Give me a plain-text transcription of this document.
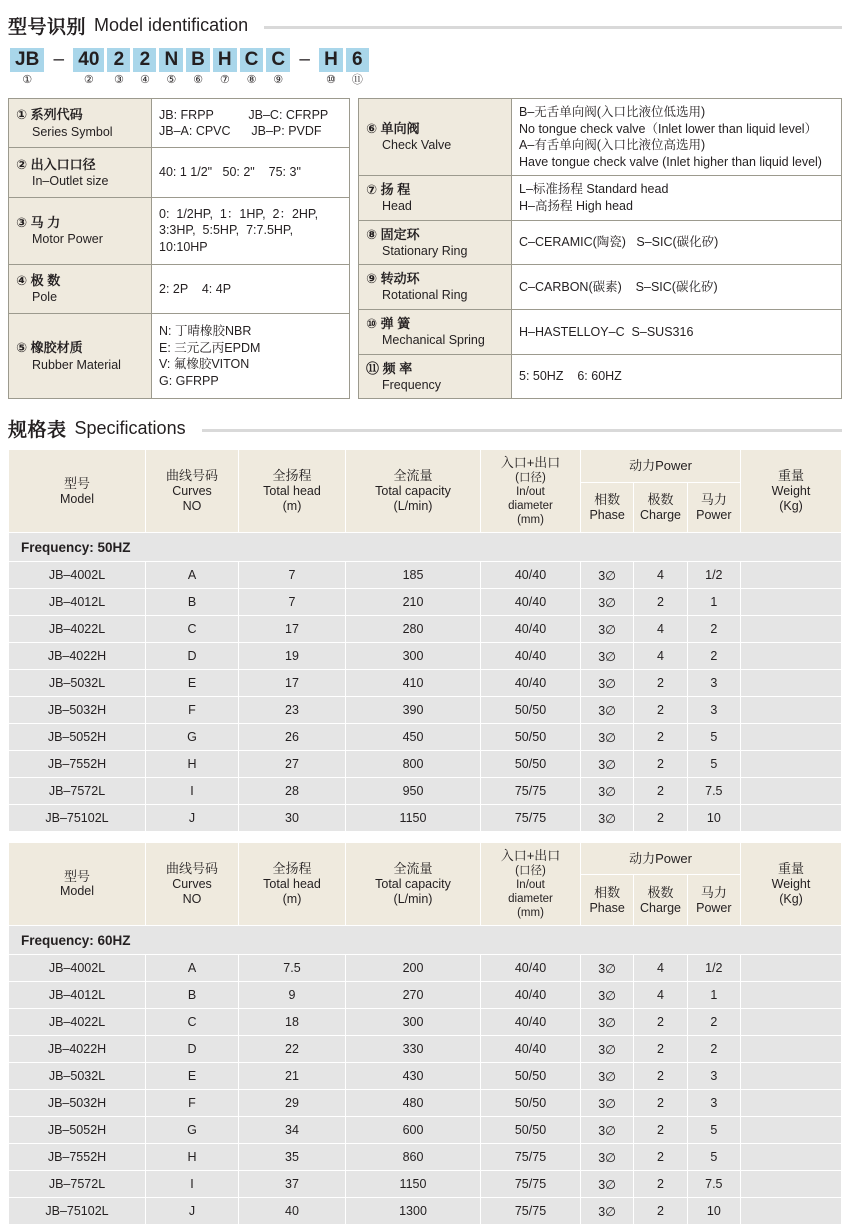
型号识别 Model identification
JB
①
– 40
②
2
③
2
④
N
⑤
B
⑥
H
⑦
C
⑧
C
⑨
– H
⑩
6
⑪
① 系列代码
Series Symbol	JB: FRPP          JB–C: CFRPP
JB–A: CPVC      JB–P: PVDF

② 出入口口径
In–Outlet size	40: 1 1/2"   50: 2"    75: 3"

③ 马 力
Motor Power	0:  1/2HP,  1：1HP,  2：2HP,
3:3HP,  5:5HP,  7:7.5HP,
10:10HP

④ 极 数
Pole	2: 2P    4: 4P

⑤ 橡胶材质
Rubber Material	N: 丁晴橡胶NBR
E: 三元乙丙EPDM
V: 氟橡胶VITON
G: GFRPP
⑥ 单向阀
Check Valve	B–无舌单向阀(入口比液位低选用)
No tongue check valve（Inlet lower than liquid level）
A–有舌单向阀(入口比液位高选用)
Have tongue check valve (Inlet higher than liquid level)

⑦ 扬 程
Head	L–标准扬程 Standard head
H–高扬程 High head

⑧ 固定环
Stationary Ring	C–CERAMIC(陶瓷)   S–SIC(碳化矽)

⑨ 转动环
Rotational Ring	C–CARBON(碳素)    S–SIC(碳化矽)

⑩ 弹 簧
Mechanical Spring	H–HASTELLOY–C  S–SUS316

⑪ 频 率
Frequency	5: 50HZ    6: 60HZ
规格表 Specifications
型号
Model	曲线号码
Curves
NO	全扬程
Total head
(m)	全流量
Total capacity
(L/min)	入口+出口
(口径)
In/out
diameter
(mm)	动力Power			重量
Weight
(Kg)

					相数
Phase	极数
Charge	马力
Power	

Frequency: 50HZ								
JB–4002L	A	7	185	40/40	3∅	4	1/2	
JB–4012L	B	7	210	40/40	3∅	2	1	
JB–4022L	C	17	280	40/40	3∅	4	2	
JB–4022H	D	19	300	40/40	3∅	4	2	
JB–5032L	E	17	410	40/40	3∅	2	3	
JB–5032H	F	23	390	50/50	3∅	2	3	
JB–5052H	G	26	450	50/50	3∅	2	5	
JB–7552H	H	27	800	50/50	3∅	2	5	
JB–7572L	I	28	950	75/75	3∅	2	7.5	
JB–75102L	J	30	1150	75/75	3∅	2	10	
型号
Model	曲线号码
Curves
NO	全扬程
Total head
(m)	全流量
Total capacity
(L/min)	入口+出口
(口径)
In/out
diameter
(mm)	动力Power			重量
Weight
(Kg)

					相数
Phase	极数
Charge	马力
Power	

Frequency: 60HZ								
JB–4002L	A	7.5	200	40/40	3∅	4	1/2	
JB–4012L	B	9	270	40/40	3∅	4	1	
JB–4022L	C	18	300	40/40	3∅	2	2	
JB–4022H	D	22	330	40/40	3∅	2	2	
JB–5032L	E	21	430	50/50	3∅	2	3	
JB–5032H	F	29	480	50/50	3∅	2	3	
JB–5052H	G	34	600	50/50	3∅	2	5	
JB–7552H	H	35	860	75/75	3∅	2	5	
JB–7572L	I	37	1150	75/75	3∅	2	7.5	
JB–75102L	J	40	1300	75/75	3∅	2	10	
